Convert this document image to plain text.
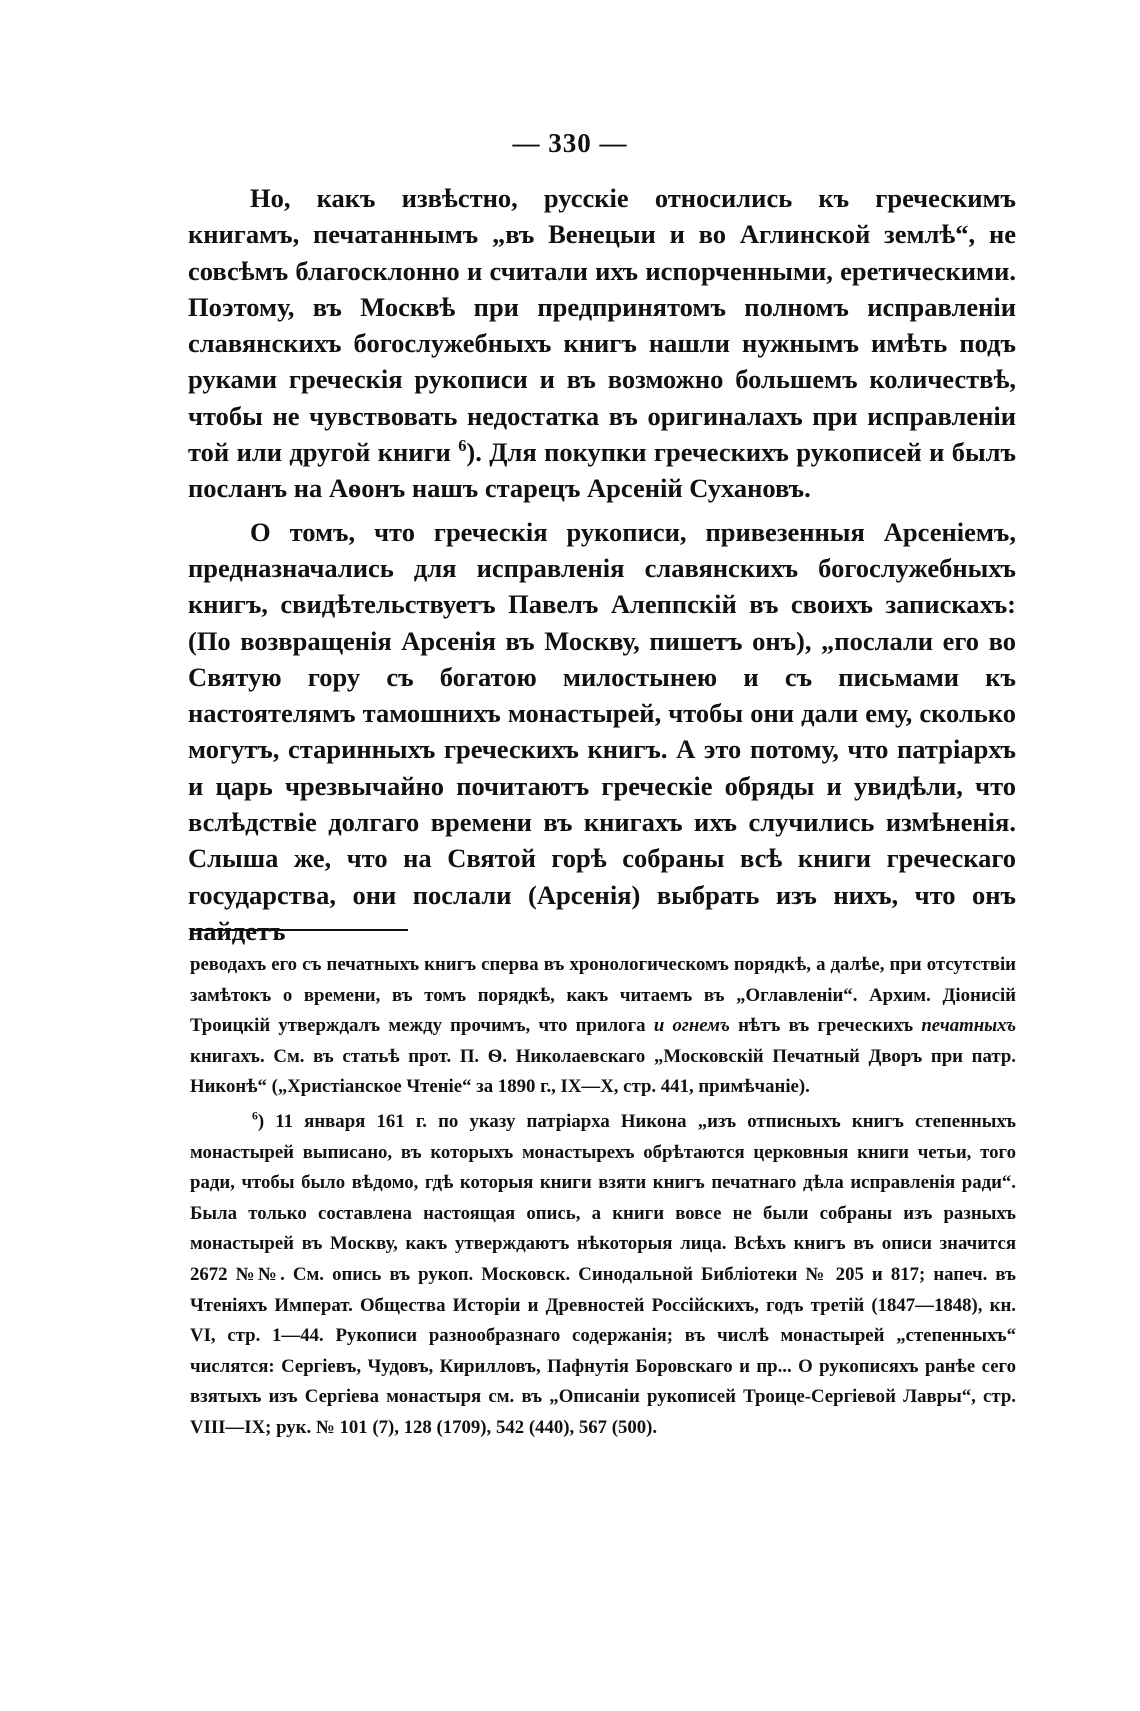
— 330 —

Но, какъ извѣстно, русскіе относились къ греческимъ книгамъ, печатаннымъ „въ Венецыи и во Аглинской землѣ“, не совсѣмъ благосклонно и считали ихъ испорченными, еретическими. Поэтому, въ Москвѣ при предпринятомъ полномъ исправленіи славянскихъ богослужебныхъ книгъ нашли нужнымъ имѣть подъ руками греческія рукописи и въ возможно большемъ количествѣ, чтобы не чувствовать недостатка въ оригиналахъ при исправленіи той или другой книги $^6$). Для покупки греческихъ рукописей и былъ посланъ на Аѳонъ нашъ старецъ Арсеній Сухановъ.

О томъ, что греческія рукописи, привезенныя Арсеніемъ, предназначались для исправленія славянскихъ богослужебныхъ книгъ, свидѣтельствуетъ Павелъ Алеппскій въ своихъ запискахъ: (По возвращенія Арсенія въ Москву, пишетъ онъ), „послали его во Святую гору съ богатою милостынею и съ письмами къ настоятелямъ тамошнихъ монастырей, чтобы они дали ему, сколько могутъ, старинныхъ греческихъ книгъ. А это потому, что патріархъ и царь чрезвычайно почитаютъ греческіе обряды и увидѣли, что вслѣдствіе долгаго времени въ книгахъ ихъ случились измѣненія. Слыша же, что на Святой горѣ собраны всѣ книги греческаго государства, они послали (Арсенія) выбрать изъ нихъ, что онъ найдетъ

реводахъ его съ печатныхъ книгъ сперва въ хронологическомъ порядкѣ, а далѣе, при отсутствіи замѣтокъ о времени, въ томъ порядкѣ, какъ читаемъ въ „Оглавленіи“. Архим. Діонисій Троицкій утверждалъ между прочимъ, что прилога и огнемъ нѣтъ въ греческихъ печатныхъ книгахъ. См. въ статьѣ прот. П. Ѳ. Николаевскаго „Московскій Печатный Дворъ при патр. Никонѣ“ („Христіанское Чтеніе“ за 1890 г., IX—X, стр. 441, примѣчаніе).

$^6$) 11 января 161 г. по указу патріарха Никона „изъ отписныхъ книгъ степенныхъ монастырей выписано, въ которыхъ монастырехъ обрѣтаются церковныя книги четьи, того ради, чтобы было вѣдомо, гдѣ которыя книги взяти книгъ печатнаго дѣла исправленія ради“. Была только составлена настоящая опись, а книги вовсе не были собраны изъ разныхъ монастырей въ Москву, какъ утверждаютъ нѣкоторыя лица. Всѣхъ книгъ въ описи значится 2672 №№. См. опись въ рукоп. Московск. Синодальной Библіотеки № 205 и 817; напеч. въ Чтеніяхъ Императ. Общества Исторіи и Древностей Россійскихъ, годъ третій (1847—1848), кн. VI, стр. 1—44. Рукописи разнообразнаго содержанія; въ числѣ монастырей „степенныхъ“ числятся: Сергіевъ, Чудовъ, Кирилловъ, Пафнутія Боровскаго и пр... О рукописяхъ ранѣе сего взятыхъ изъ Сергіева монастыря см. въ „Описаніи рукописей Троице-Сергіевой Лавры“, стр. VIII—IX; рук. № 101 (7), 128 (1709), 542 (440), 567 (500).
